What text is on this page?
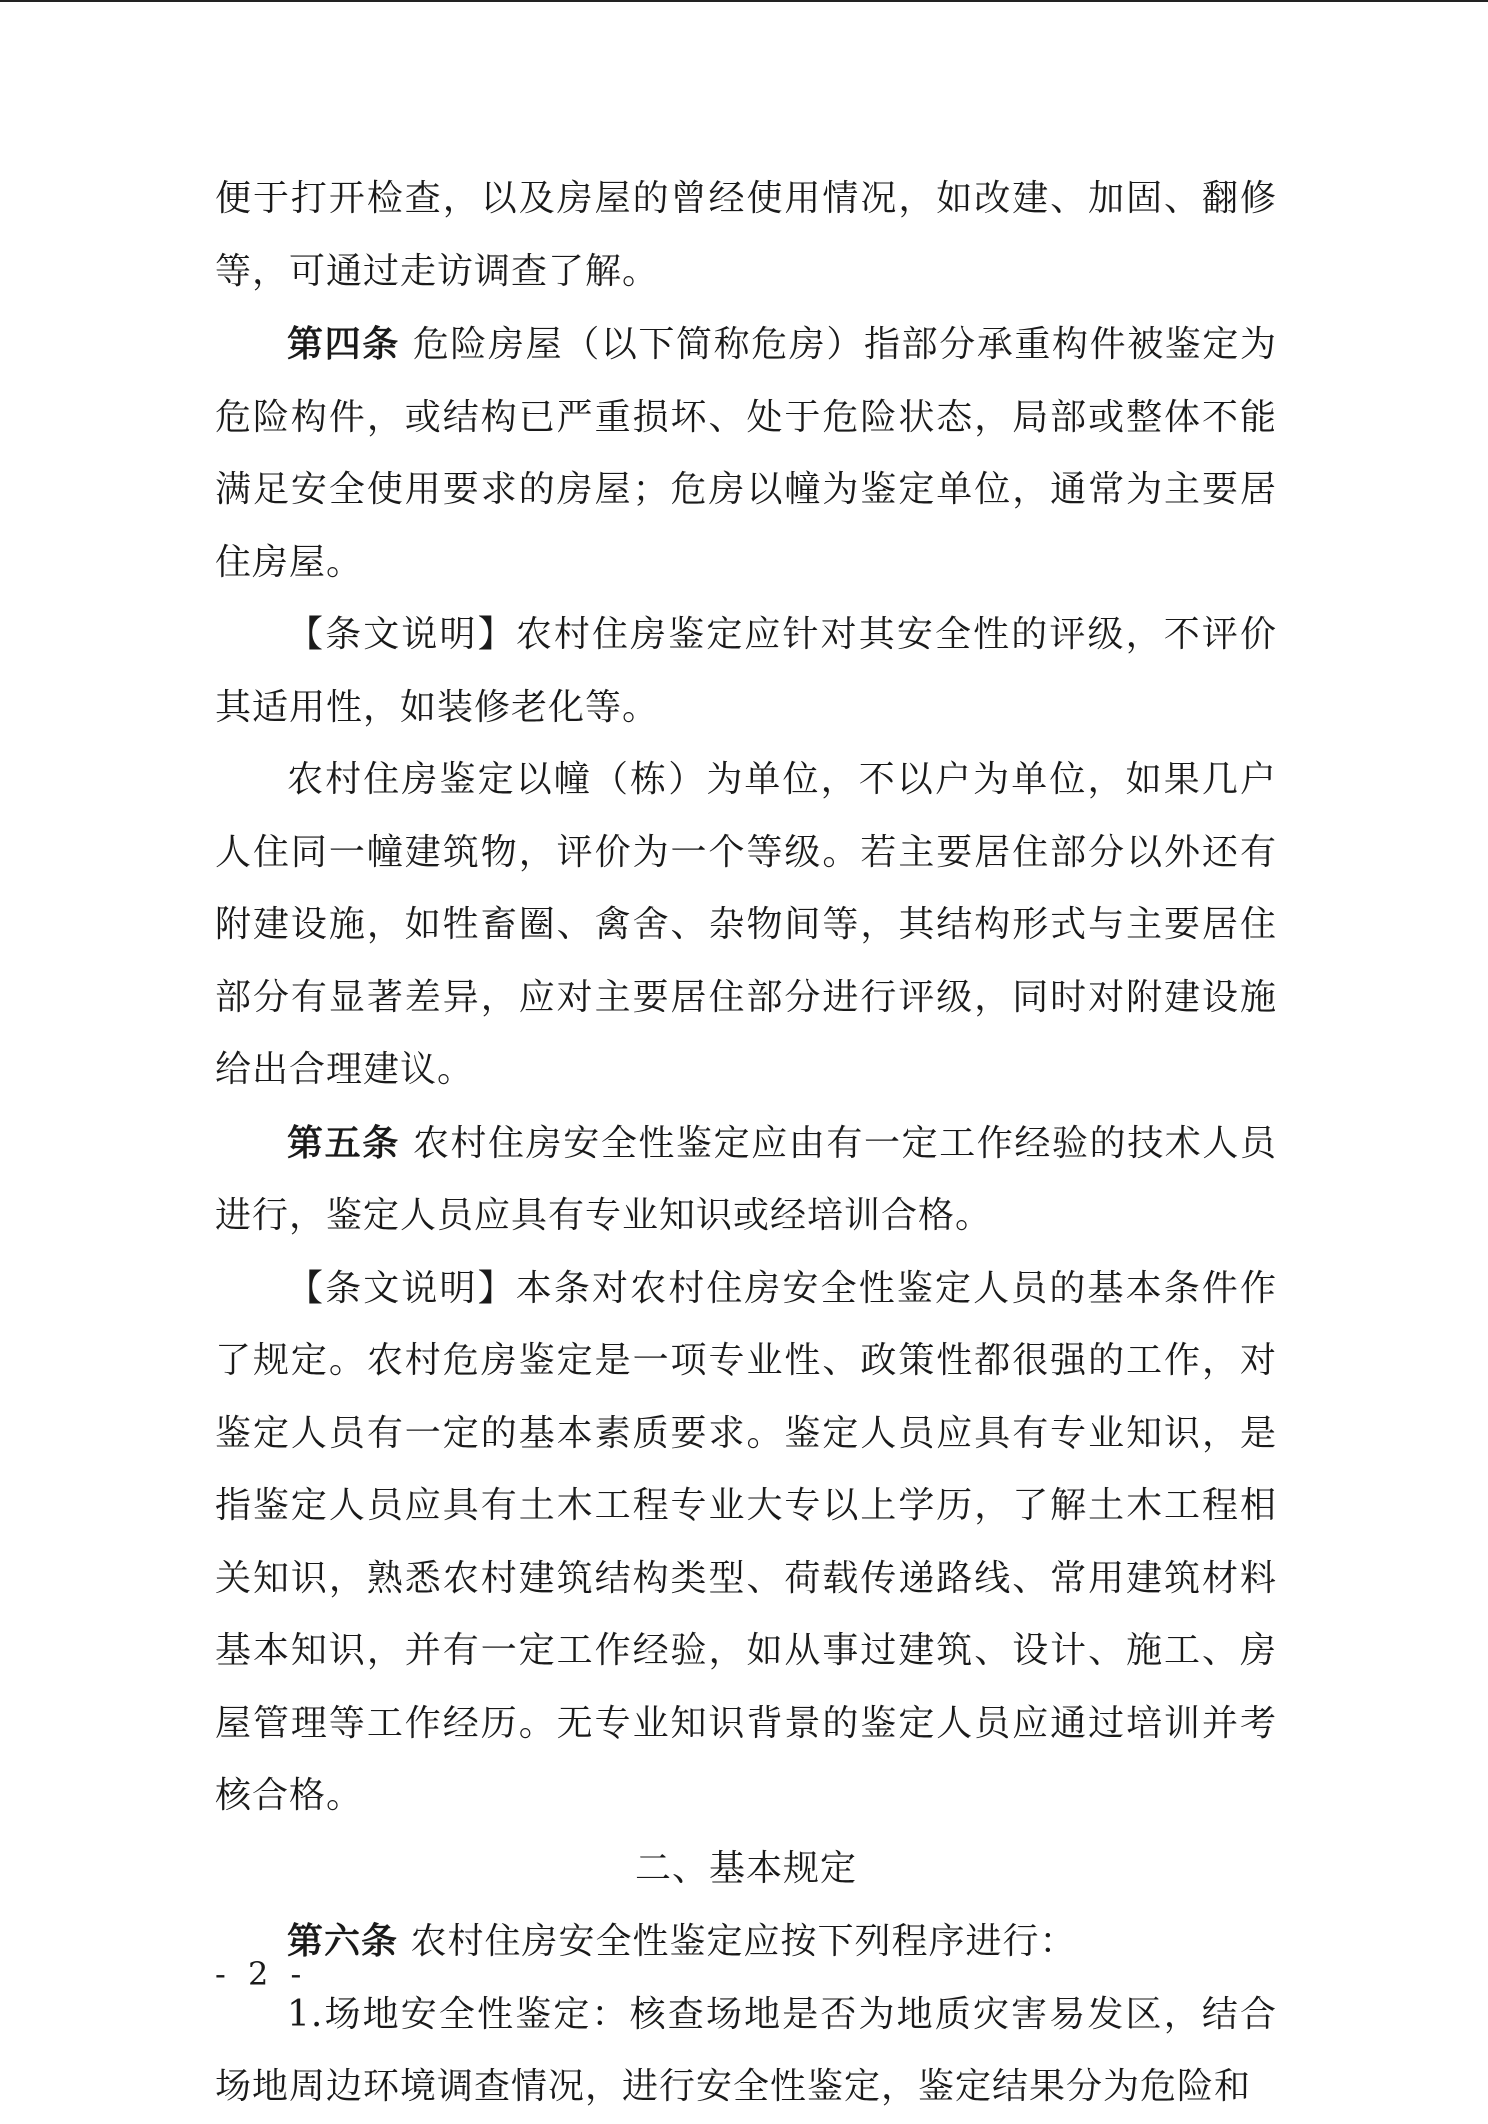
便于打开检查，以及房屋的曾经使用情况，如改建、加固、翻修等，可通过走访调查了解。

第四条 危险房屋（以下简称危房）指部分承重构件被鉴定为危险构件，或结构已严重损坏、处于危险状态，局部或整体不能满足安全使用要求的房屋；危房以幢为鉴定单位，通常为主要居住房屋。

【条文说明】农村住房鉴定应针对其安全性的评级，不评价其适用性，如装修老化等。

农村住房鉴定以幢（栋）为单位，不以户为单位，如果几户人住同一幢建筑物，评价为一个等级。若主要居住部分以外还有附建设施，如牲畜圈、禽舍、杂物间等，其结构形式与主要居住部分有显著差异，应对主要居住部分进行评级，同时对附建设施给出合理建议。

第五条 农村住房安全性鉴定应由有一定工作经验的技术人员进行，鉴定人员应具有专业知识或经培训合格。

【条文说明】本条对农村住房安全性鉴定人员的基本条件作了规定。农村危房鉴定是一项专业性、政策性都很强的工作，对鉴定人员有一定的基本素质要求。鉴定人员应具有专业知识，是指鉴定人员应具有土木工程专业大专以上学历，了解土木工程相关知识，熟悉农村建筑结构类型、荷载传递路线、常用建筑材料基本知识，并有一定工作经验，如从事过建筑、设计、施工、房屋管理等工作经历。无专业知识背景的鉴定人员应通过培训并考核合格。

二、基本规定

第六条 农村住房安全性鉴定应按下列程序进行：

1.场地安全性鉴定：核查场地是否为地质灾害易发区，结合场地周边环境调查情况，进行安全性鉴定，鉴定结果分为危险和

- 2 -
